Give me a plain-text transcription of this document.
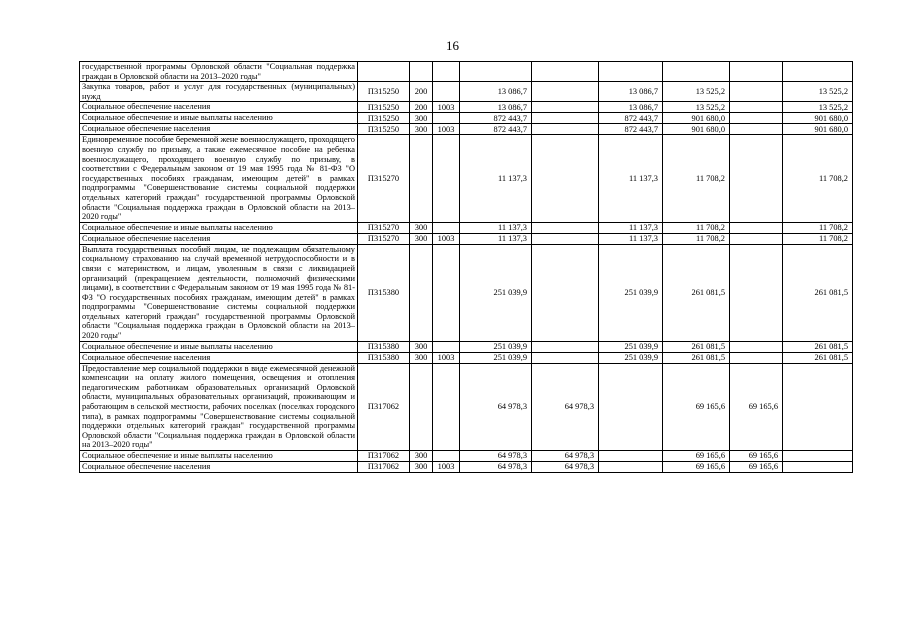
16
государственной программы Орловской области "Социальная поддержка граждан в Орловской области на 2013–2020 годы"									
Закупка товаров, работ и услуг для государственных (муниципальных) нужд	П315250	200		13 086,7		13 086,7	13 525,2		13 525,2
Социальное обеспечение населения	П315250	200	1003	13 086,7		13 086,7	13 525,2		13 525,2
Социальное обеспечение и иные выплаты населению	П315250	300		872 443,7		872 443,7	901 680,0		901 680,0
Социальное обеспечение населения	П315250	300	1003	872 443,7		872 443,7	901 680,0		901 680,0
Единовременное пособие беременной жене военнослужащего, проходящего военную службу по призыву, а также ежемесячное пособие на ребенка военнослужащего, проходящего военную службу по призыву, в соответствии с Федеральным законом от 19 мая 1995 года № 81-ФЗ "О государственных пособиях гражданам, имеющим детей" в рамках подпрограммы "Совершенствование системы социальной поддержки отдельных категорий граждан" государственной программы Орловской области "Социальная поддержка граждан в Орловской области на 2013–2020 годы"	П315270			11 137,3		11 137,3	11 708,2		11 708,2
Социальное обеспечение и иные выплаты населению	П315270	300		11 137,3		11 137,3	11 708,2		11 708,2
Социальное обеспечение населения	П315270	300	1003	11 137,3		11 137,3	11 708,2		11 708,2
Выплата государственных пособий лицам, не подлежащим обязательному социальному страхованию на случай временной нетрудоспособности и в связи с материнством, и лицам, уволенным в связи с ликвидацией организаций (прекращением деятельности, полномочий физическими лицами), в соответствии с Федеральным законом от 19 мая 1995 года № 81-ФЗ "О государственных пособиях гражданам, имеющим детей" в рамках подпрограммы "Совершенствование системы социальной поддержки отдельных категорий граждан" государственной программы Орловской области "Социальная поддержка граждан в Орловской области на 2013–2020 годы"	П315380			251 039,9		251 039,9	261 081,5		261 081,5
Социальное обеспечение и иные выплаты населению	П315380	300		251 039,9		251 039,9	261 081,5		261 081,5
Социальное обеспечение населения	П315380	300	1003	251 039,9		251 039,9	261 081,5		261 081,5
Предоставление мер социальной поддержки в виде ежемесячной денежной компенсации на оплату жилого помещения, освещения и отопления педагогическим работникам образовательных организаций Орловской области, муниципальных образовательных организаций, проживающим и работающим в сельской местности, рабочих поселках (поселках городского типа), в рамках подпрограммы "Совершенствование системы социальной поддержки отдельных категорий граждан" государственной программы Орловской области "Социальная поддержка граждан в Орловской области на 2013–2020 годы"	П317062			64 978,3	64 978,3		69 165,6	69 165,6	
Социальное обеспечение и иные выплаты населению	П317062	300		64 978,3	64 978,3		69 165,6	69 165,6	
Социальное обеспечение населения	П317062	300	1003	64 978,3	64 978,3		69 165,6	69 165,6	
